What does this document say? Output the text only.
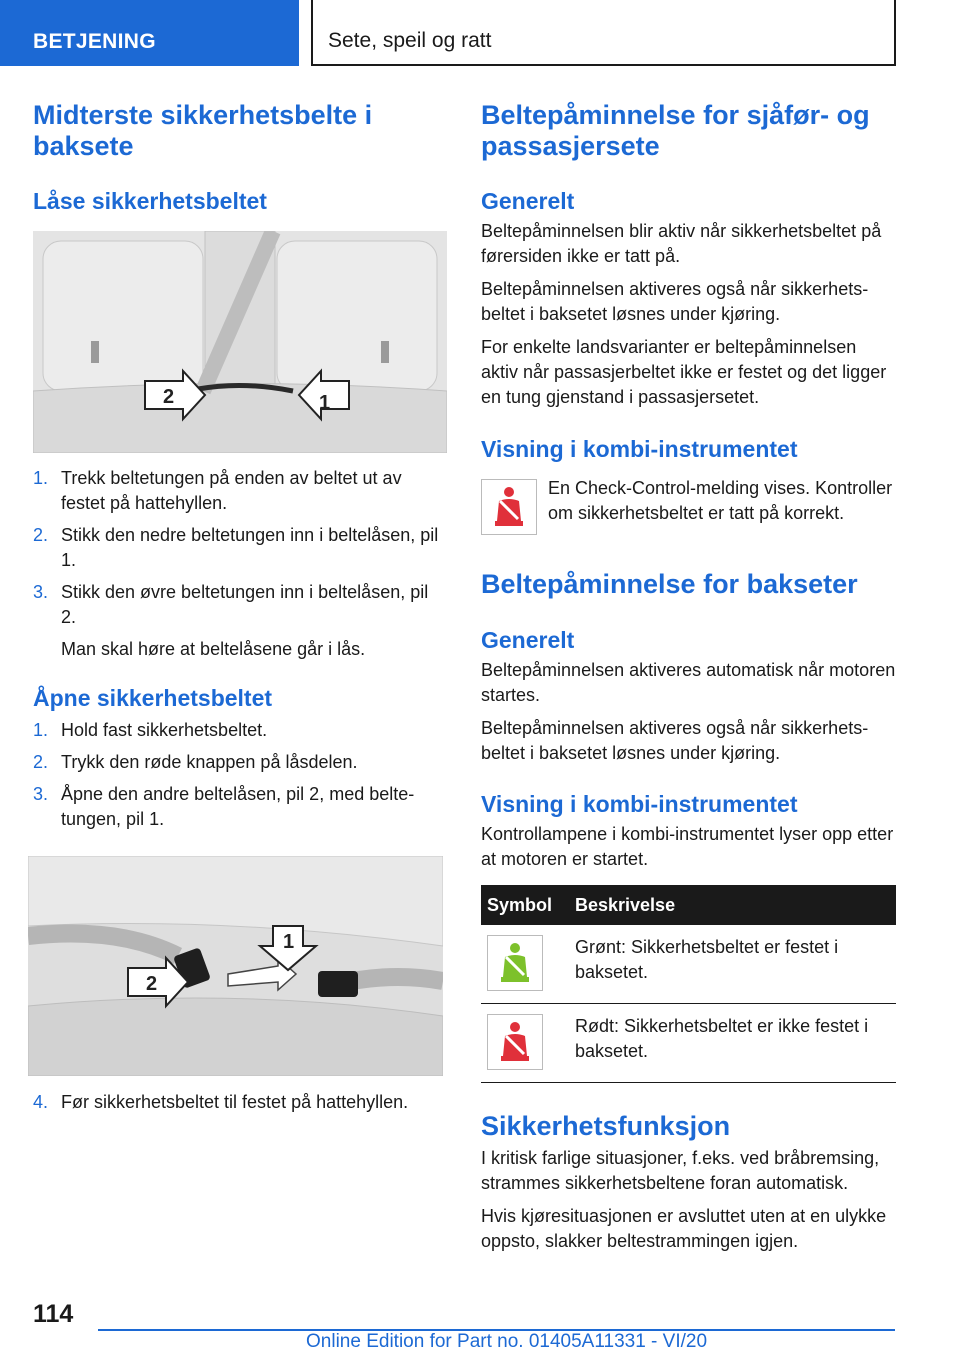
BETJENING	Sete, speil og ratt
Midterste sikkerhetsbelte i baksete
Låse sikkerhetsbeltet
2	1
1. Trekk beltetungen på enden av beltet ut av festet på hattehyllen.
2. Stikk den nedre beltetungen inn i beltelåsen, pil 1.
3. Stikk den øvre beltetungen inn i beltelåsen, pil 2.

Man skal høre at beltelåsene går i lås.

Åpne sikkerhetsbeltet
1. Hold fast sikkerhetsbeltet.
2. Trykk den røde knappen på låsdelen.
3. Åpne den andre beltelåsen, pil 2, med beltetungen, pil 1.
2
1
4. Før sikkerhetsbeltet til festet på hattehyllen.
Beltepåminnelse for sjåfør- og passasjersete
Generelt

Beltepåminnelsen blir aktiv når sikkerhetsbeltet på førersiden ikke er tatt på.

Beltepåminnelsen aktiveres også når sikkerhetsbeltet i baksetet løsnes under kjøring.

For enkelte landsvarianter er beltepåminnelsen aktiv når passasjerbeltet ikke er festet og det ligger en tung gjenstand i passasjersetet.

Visning i kombi-instrumentet

En Check-Control-melding vises. Kontroller om sikkerhetsbeltet er tatt på korrekt.

Beltepåminnelse for bakseter
Generelt

Beltepåminnelsen aktiveres automatisk når motoren startes.

Beltepåminnelsen aktiveres også når sikkerhetsbeltet i baksetet løsnes under kjøring.

Visning i kombi-instrumentet

Kontrollampene i kombi-instrumentet lyser opp etter at motoren er startet.

Symbol	Beskrivelse

	Grønt: Sikkerhetsbeltet er festet i baksetet.

	Rødt: Sikkerhetsbeltet er ikke festet i baksetet.
Sikkerhetsfunksjon

I kritisk farlige situasjoner, f.eks. ved bråbremsing, strammes sikkerhetsbeltene foran automatisk.

Hvis kjøresituasjonen er avsluttet uten at en ulykke oppsto, slakker beltestrammingen igjen.

114
Online Edition for Part no. 01405A11331 - VI/20
